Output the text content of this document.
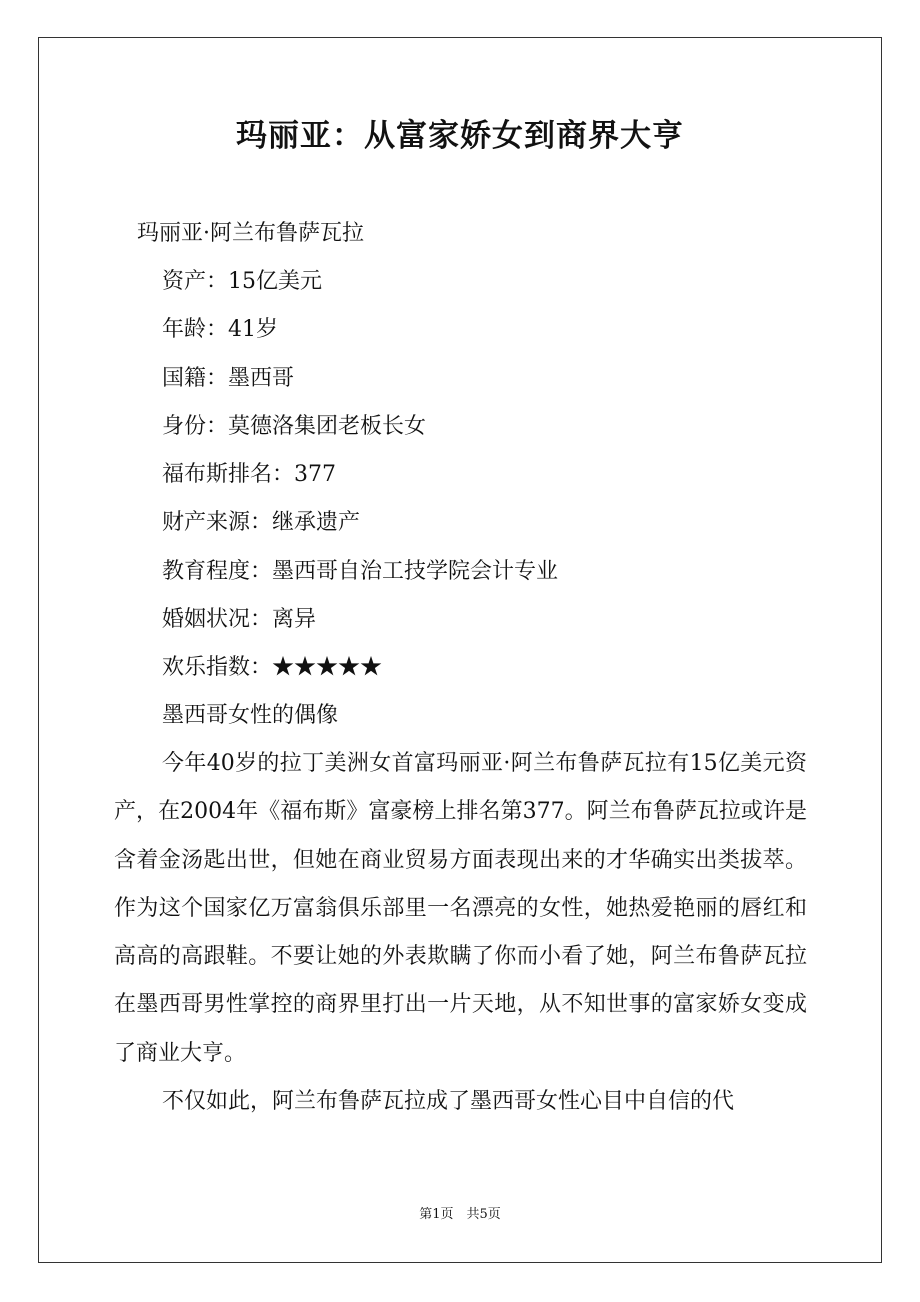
玛丽亚：从富家娇女到商界大亨

玛丽亚·阿兰布鲁萨瓦拉

资产：15亿美元
年龄：41岁
国籍：墨西哥
身份：莫德洛集团老板长女
福布斯排名：377
财产来源：继承遗产
教育程度：墨西哥自治工技学院会计专业
婚姻状况：离异
欢乐指数：★★★★★

墨西哥女性的偶像

今年40岁的拉丁美洲女首富玛丽亚·阿兰布鲁萨瓦拉有15亿美元资产，在2004年《福布斯》富豪榜上排名第377。阿兰布鲁萨瓦拉或许是含着金汤匙出世，但她在商业贸易方面表现出来的才华确实出类拔萃。作为这个国家亿万富翁俱乐部里一名漂亮的女性，她热爱艳丽的唇红和高高的高跟鞋。不要让她的外表欺瞒了你而小看了她，阿兰布鲁萨瓦拉在墨西哥男性掌控的商界里打出一片天地，从不知世事的富家娇女变成了商业大亨。

不仅如此，阿兰布鲁萨瓦拉成了墨西哥女性心目中自信的代

第1页　共5页
